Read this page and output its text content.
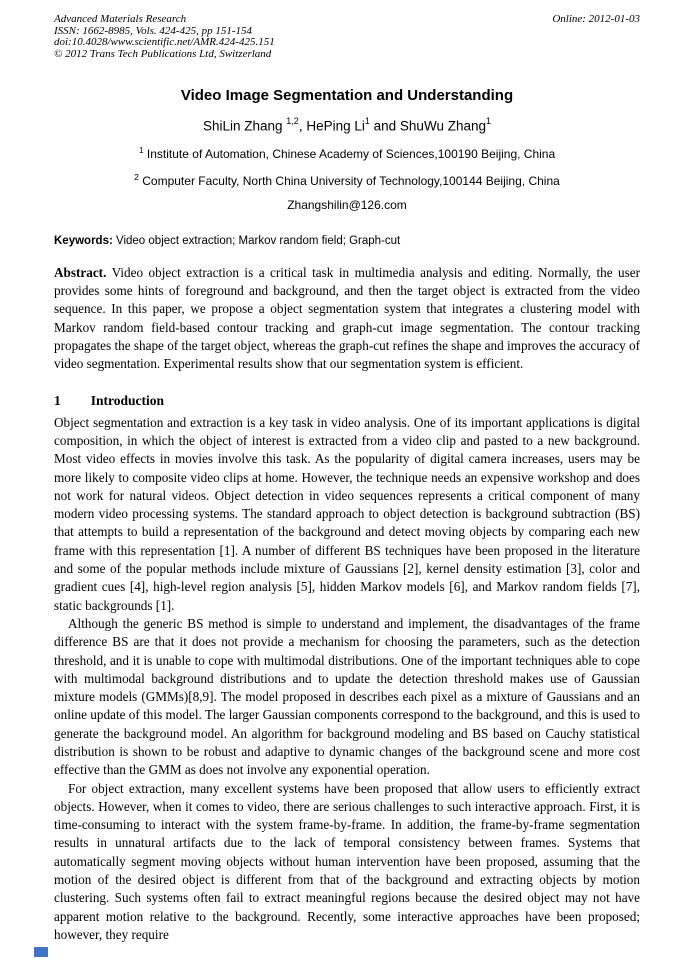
Advanced Materials Research
ISSN: 1662-8985, Vols. 424-425, pp 151-154
doi:10.4028/www.scientific.net/AMR.424-425.151
© 2012 Trans Tech Publications Ltd, Switzerland
Online: 2012-01-03
Video Image Segmentation and Understanding
ShiLin Zhang $^{1,2}$, HePing Li$^1$ and ShuWu Zhang$^1$
$^1$ Institute of Automation, Chinese Academy of Sciences,100190 Beijing, China
$^2$ Computer Faculty, North China University of Technology,100144 Beijing, China
Zhangshilin@126.com
Keywords: Video object extraction; Markov random field; Graph-cut

Abstract. Video object extraction is a critical task in multimedia analysis and editing. Normally, the user provides some hints of foreground and background, and then the target object is extracted from the video sequence. In this paper, we propose a object segmentation system that integrates a clustering model with Markov random field-based contour tracking and graph-cut image segmentation. The contour tracking propagates the shape of the target object, whereas the graph-cut refines the shape and improves the accuracy of video segmentation. Experimental results show that our segmentation system is efficient.

1 Introduction

Object segmentation and extraction is a key task in video analysis. One of its important applications is digital composition, in which the object of interest is extracted from a video clip and pasted to a new background. Most video effects in movies involve this task. As the popularity of digital camera increases, users may be more likely to composite video clips at home. However, the technique needs an expensive workshop and does not work for natural videos. Object detection in video sequences represents a critical component of many modern video processing systems. The standard approach to object detection is background subtraction (BS) that attempts to build a representation of the background and detect moving objects by comparing each new frame with this representation [1]. A number of different BS techniques have been proposed in the literature and some of the popular methods include mixture of Gaussians [2], kernel density estimation [3], color and gradient cues [4], high-level region analysis [5], hidden Markov models [6], and Markov random fields [7], static backgrounds [1].

Although the generic BS method is simple to understand and implement, the disadvantages of the frame difference BS are that it does not provide a mechanism for choosing the parameters, such as the detection threshold, and it is unable to cope with multimodal distributions. One of the important techniques able to cope with multimodal background distributions and to update the detection threshold makes use of Gaussian mixture models (GMMs)[8,9]. The model proposed in describes each pixel as a mixture of Gaussians and an online update of this model. The larger Gaussian components correspond to the background, and this is used to generate the background model. An algorithm for background modeling and BS based on Cauchy statistical distribution is shown to be robust and adaptive to dynamic changes of the background scene and more cost effective than the GMM as does not involve any exponential operation.

For object extraction, many excellent systems have been proposed that allow users to efficiently extract objects. However, when it comes to video, there are serious challenges to such interactive approach. First, it is time-consuming to interact with the system frame-by-frame. In addition, the frame-by-frame segmentation results in unnatural artifacts due to the lack of temporal consistency between frames. Systems that automatically segment moving objects without human intervention have been proposed, assuming that the motion of the desired object is different from that of the background and extracting objects by motion clustering. Such systems often fail to extract meaningful regions because the desired object may not have apparent motion relative to the background. Recently, some interactive approaches have been proposed; however, they require
